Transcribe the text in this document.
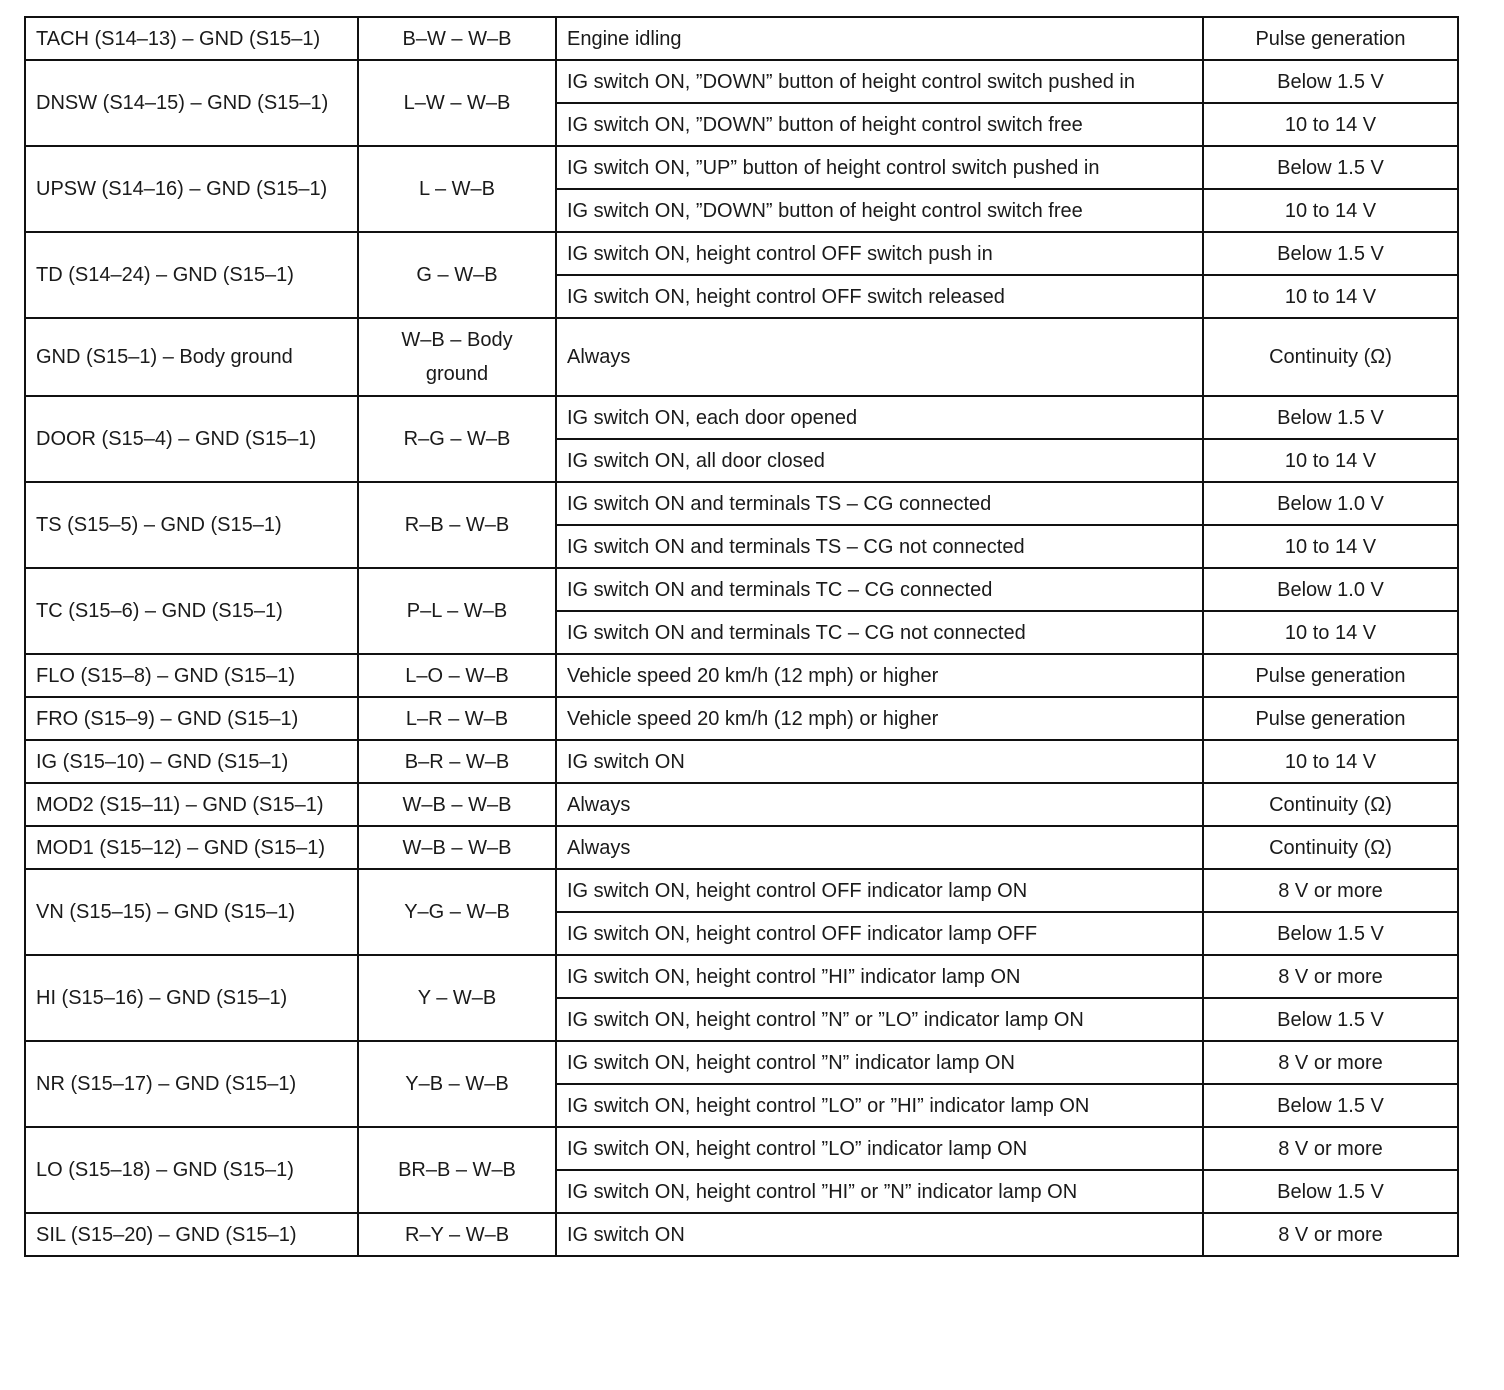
TACH (S14–13) – GND (S15–1)	B–W – W–B	Engine idling	Pulse generation
DNSW (S14–15) – GND (S15–1)	L–W – W–B	IG switch ON, ”DOWN” button of height control switch pushed in	Below 1.5 V
		IG switch ON, ”DOWN” button of height control switch free	10 to 14 V
UPSW (S14–16) – GND (S15–1)	L – W–B	IG switch ON, ”UP” button of height control switch pushed in	Below 1.5 V
		IG switch ON, ”DOWN” button of height control switch free	10 to 14 V
TD (S14–24) – GND (S15–1)	G – W–B	IG switch ON, height control OFF switch push in	Below 1.5 V
		IG switch ON, height control OFF switch released	10 to 14 V
GND (S15–1) – Body ground	W–B – Body ground	Always	Continuity (Ω)
DOOR (S15–4) – GND (S15–1)	R–G – W–B	IG switch ON, each door opened	Below 1.5 V
		IG switch ON, all door closed	10 to 14 V
TS (S15–5) – GND (S15–1)	R–B – W–B	IG switch ON and terminals TS – CG connected	Below 1.0 V
		IG switch ON and terminals TS – CG not connected	10 to 14 V
TC (S15–6) – GND (S15–1)	P–L – W–B	IG switch ON and terminals TC – CG connected	Below 1.0 V
		IG switch ON and terminals TC – CG not connected	10 to 14 V
FLO (S15–8) – GND (S15–1)	L–O – W–B	Vehicle speed 20 km/h (12 mph) or higher	Pulse generation
FRO (S15–9) – GND (S15–1)	L–R – W–B	Vehicle speed 20 km/h (12 mph) or higher	Pulse generation
IG (S15–10) – GND (S15–1)	B–R – W–B	IG switch ON	10 to 14 V
MOD2 (S15–11) – GND (S15–1)	W–B – W–B	Always	Continuity (Ω)
MOD1 (S15–12) – GND (S15–1)	W–B – W–B	Always	Continuity (Ω)
VN (S15–15) – GND (S15–1)	Y–G – W–B	IG switch ON, height control OFF indicator lamp ON	8 V or more
		IG switch ON, height control OFF indicator lamp OFF	Below 1.5 V
HI (S15–16) – GND (S15–1)	Y – W–B	IG switch ON, height control ”HI” indicator lamp ON	8 V or more
		IG switch ON, height control ”N” or ”LO” indicator lamp ON	Below 1.5 V
NR (S15–17) – GND (S15–1)	Y–B – W–B	IG switch ON, height control ”N” indicator lamp ON	8 V or more
		IG switch ON, height control ”LO” or ”HI” indicator lamp ON	Below 1.5 V
LO (S15–18) – GND (S15–1)	BR–B – W–B	IG switch ON, height control ”LO” indicator lamp ON	8 V or more
		IG switch ON, height control ”HI” or ”N” indicator lamp ON	Below 1.5 V
SIL (S15–20) – GND (S15–1)	R–Y – W–B	IG switch ON	8 V or more
